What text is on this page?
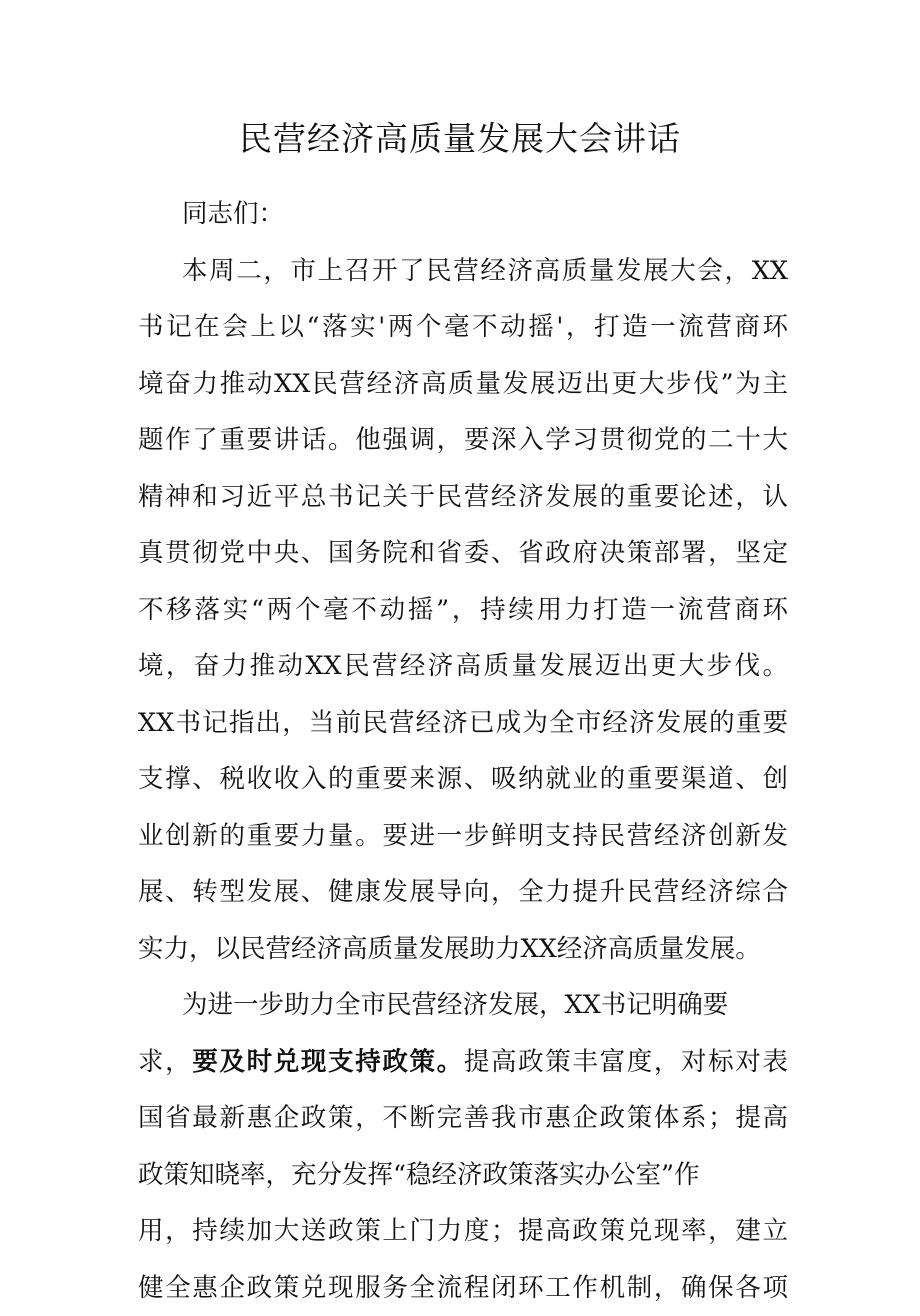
民营经济高质量发展大会讲话
同志们：
本周二，市上召开了民营经济高质量发展大会，XX
书记在会上以“落实'两个毫不动摇'，打造一流营商环
境奋力推动XX民营经济高质量发展迈出更大步伐”为主
题作了重要讲话。他强调，要深入学习贯彻党的二十大
精神和习近平总书记关于民营经济发展的重要论述，认
真贯彻党中央、国务院和省委、省政府决策部署，坚定
不移落实“两个毫不动摇”，持续用力打造一流营商环
境，奋力推动XX民营经济高质量发展迈出更大步伐。
XX书记指出，当前民营经济已成为全市经济发展的重要
支撑、税收收入的重要来源、吸纳就业的重要渠道、创
业创新的重要力量。要进一步鲜明支持民营经济创新发
展、转型发展、健康发展导向，全力提升民营经济综合
实力，以民营经济高质量发展助力XX经济高质量发展。
为进一步助力全市民营经济发展，XX书记明确要
求，要及时兑现支持政策。提高政策丰富度，对标对表
国省最新惠企政策，不断完善我市惠企政策体系；提高
政策知晓率，充分发挥“稳经济政策落实办公室”作
用，持续加大送政策上门力度；提高政策兑现率，建立
健全惠企政策兑现服务全流程闭环工作机制，确保各项
